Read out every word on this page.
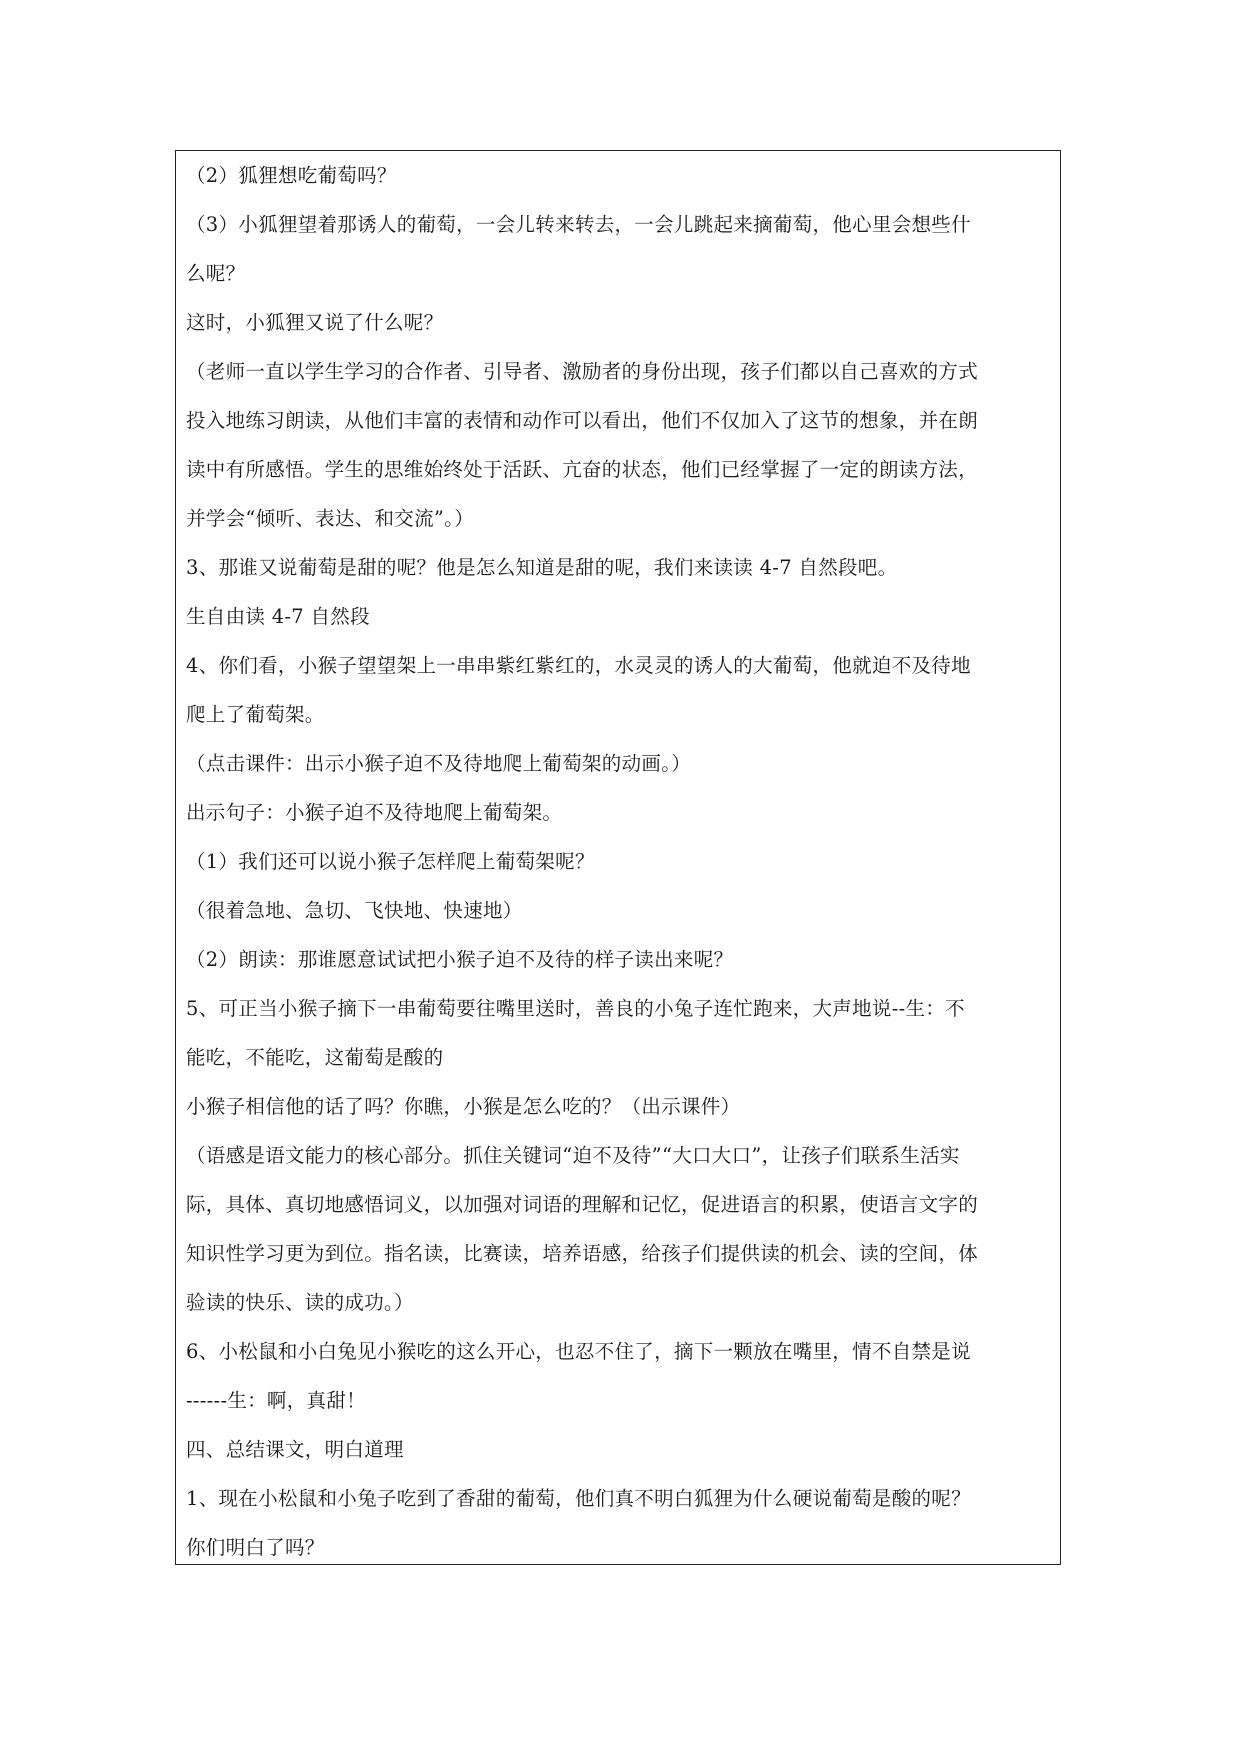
（2）狐狸想吃葡萄吗？
（3）小狐狸望着那诱人的葡萄，一会儿转来转去，一会儿跳起来摘葡萄，他心里会想些什
么呢？
这时，小狐狸又说了什么呢？
（老师一直以学生学习的合作者、引导者、激励者的身份出现，孩子们都以自己喜欢的方式
投入地练习朗读，从他们丰富的表情和动作可以看出，他们不仅加入了这节的想象，并在朗
读中有所感悟。学生的思维始终处于活跃、亢奋的状态，他们已经掌握了一定的朗读方法，
并学会“倾听、表达、和交流”。）
3、那谁又说葡萄是甜的呢？他是怎么知道是甜的呢，我们来读读 4-7 自然段吧。
生自由读 4-7 自然段
4、你们看，小猴子望望架上一串串紫红紫红的，水灵灵的诱人的大葡萄，他就迫不及待地
爬上了葡萄架。
（点击课件：出示小猴子迫不及待地爬上葡萄架的动画。）
出示句子：小猴子迫不及待地爬上葡萄架。
（1）我们还可以说小猴子怎样爬上葡萄架呢？
（很着急地、急切、飞快地、快速地）
（2）朗读：那谁愿意试试把小猴子迫不及待的样子读出来呢？
5、可正当小猴子摘下一串葡萄要往嘴里送时，善良的小兔子连忙跑来，大声地说--生：不
能吃，不能吃，这葡萄是酸的
小猴子相信他的话了吗？你瞧，小猴是怎么吃的？（出示课件）
（语感是语文能力的核心部分。抓住关键词“迫不及待”“大口大口”，让孩子们联系生活实
际，具体、真切地感悟词义，以加强对词语的理解和记忆，促进语言的积累，使语言文字的
知识性学习更为到位。指名读，比赛读，培养语感，给孩子们提供读的机会、读的空间，体
验读的快乐、读的成功。）
6、小松鼠和小白兔见小猴吃的这么开心，也忍不住了，摘下一颗放在嘴里，情不自禁是说
------生：啊，真甜！
四、总结课文，明白道理
1、现在小松鼠和小兔子吃到了香甜的葡萄，他们真不明白狐狸为什么硬说葡萄是酸的呢？
你们明白了吗？
